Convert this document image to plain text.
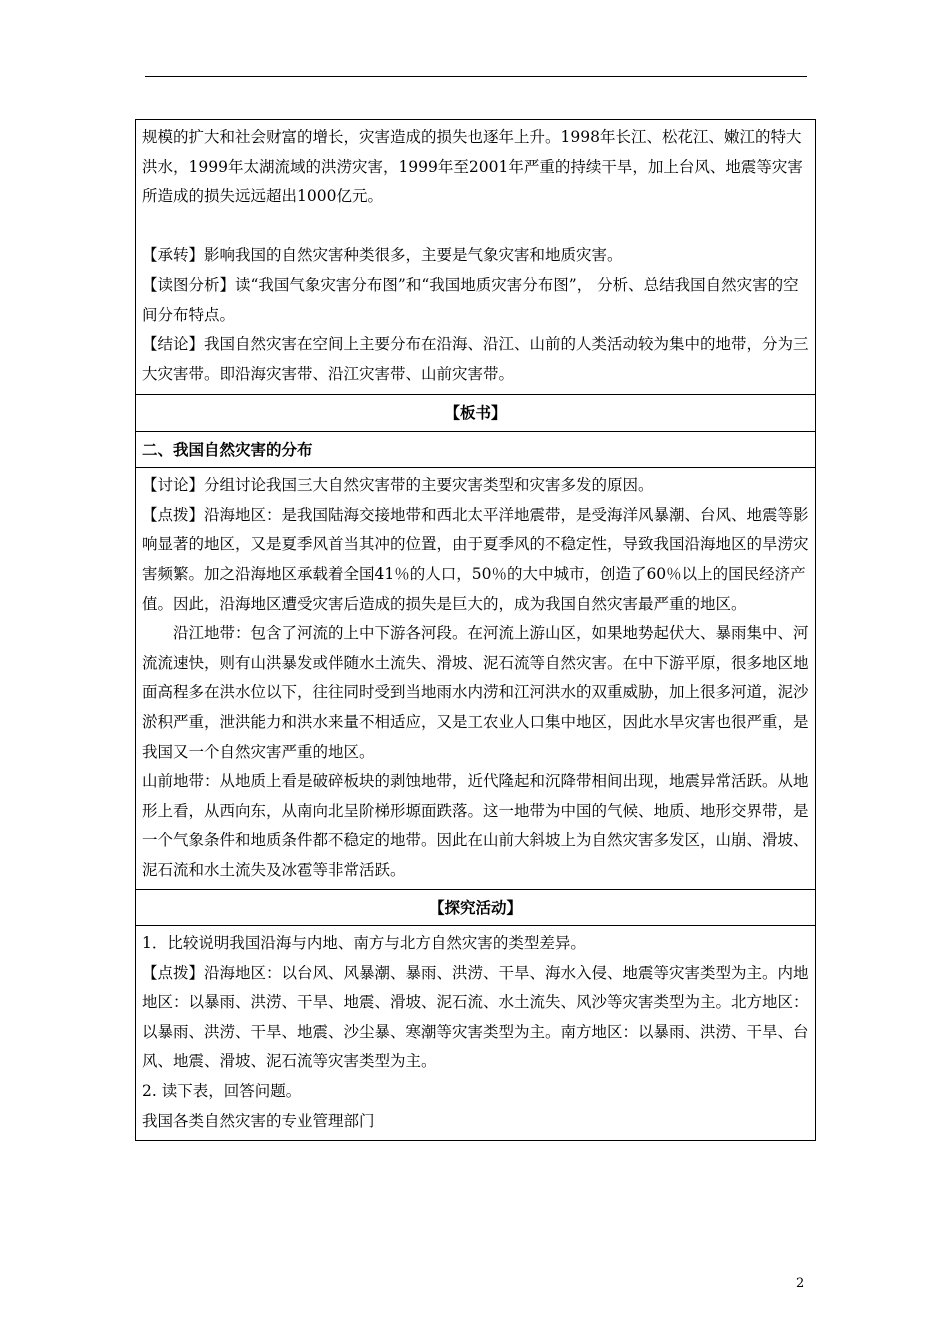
规模的扩大和社会财富的增长，灾害造成的损失也逐年上升。1998年长江、松花江、嫩江的特大洪水，1999年太湖流域的洪涝灾害，1999年至2001年严重的持续干旱，加上台风、地震等灾害所造成的损失远远超出1000亿元。

【承转】影响我国的自然灾害种类很多，主要是气象灾害和地质灾害。

【读图分析】读“我国气象灾害分布图”和“我国地质灾害分布图”， 分析、总结我国自然灾害的空间分布特点。

【结论】我国自然灾害在空间上主要分布在沿海、沿江、山前的人类活动较为集中的地带，分为三大灾害带。即沿海灾害带、沿江灾害带、山前灾害带。

【板书】
二、我国自然灾害的分布

【讨论】分组讨论我国三大自然灾害带的主要灾害类型和灾害多发的原因。

【点拨】沿海地区：是我国陆海交接地带和西北太平洋地震带，是受海洋风暴潮、台风、地震等影响显著的地区，又是夏季风首当其冲的位置，由于夏季风的不稳定性，导致我国沿海地区的旱涝灾害频繁。加之沿海地区承载着全国41％的人口，50％的大中城市，创造了60％以上的国民经济产值。因此，沿海地区遭受灾害后造成的损失是巨大的，成为我国自然灾害最严重的地区。

沿江地带：包含了河流的上中下游各河段。在河流上游山区，如果地势起伏大、暴雨集中、河流流速快，则有山洪暴发或伴随水土流失、滑坡、泥石流等自然灾害。在中下游平原，很多地区地面高程多在洪水位以下，往往同时受到当地雨水内涝和江河洪水的双重威胁，加上很多河道，泥沙淤积严重，泄洪能力和洪水来量不相适应，又是工农业人口集中地区，因此水旱灾害也很严重，是我国又一个自然灾害严重的地区。

山前地带：从地质上看是破碎板块的剥蚀地带，近代隆起和沉降带相间出现，地震异常活跃。从地形上看，从西向东，从南向北呈阶梯形塬面跌落。这一地带为中国的气候、地质、地形交界带，是一个气象条件和地质条件都不稳定的地带。因此在山前大斜坡上为自然灾害多发区，山崩、滑坡、泥石流和水土流失及冰雹等非常活跃。

【探究活动】

1．比较说明我国沿海与内地、南方与北方自然灾害的类型差异。

【点拨】沿海地区：以台风、风暴潮、暴雨、洪涝、干旱、海水入侵、地震等灾害类型为主。内地地区：以暴雨、洪涝、干旱、地震、滑坡、泥石流、水土流失、风沙等灾害类型为主。北方地区：以暴雨、洪涝、干旱、地震、沙尘暴、寒潮等灾害类型为主。南方地区：以暴雨、洪涝、干旱、台风、地震、滑坡、泥石流等灾害类型为主。

2. 读下表，回答问题。

我国各类自然灾害的专业管理部门

2
